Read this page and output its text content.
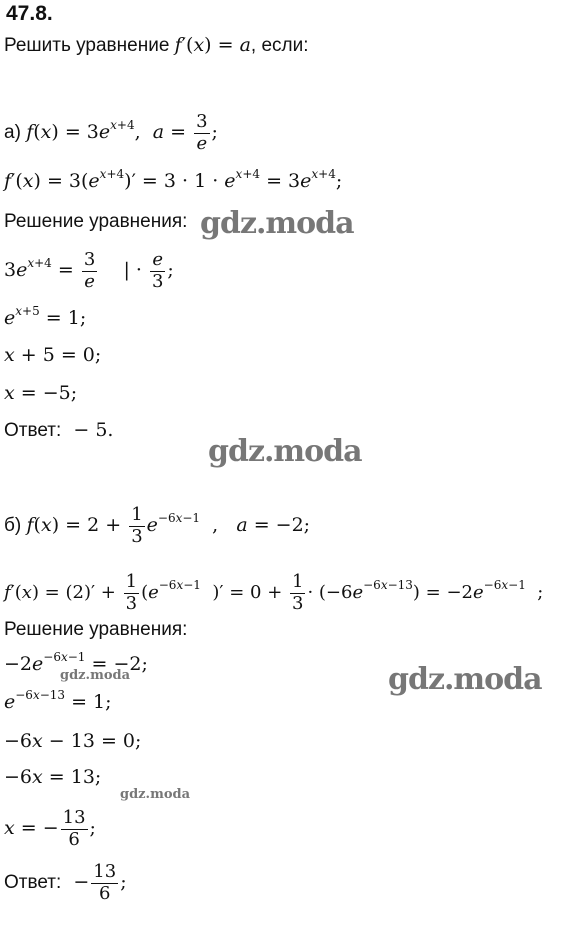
47.8.
Решить уравнение f′(x) = a, если:
а) $f(x) = 3e^{x+4}$,  $a = \frac{3}{e}$ ;
$f'(x) = 3(e^{x+4})' = 3 \cdot 1 \cdot e^{x+4} = 3e^{x+4}$;
Решение уравнения:
$3e^{x+4} = \frac{3}{e}$ | · $\frac{e}{3}$ ;
$e^{x+5} = 1$;
x + 5 = 0;
x = −5;
Ответ: − 5.
б) $f(x) = 2 + \frac{1}{3} e^{-6x-1}$  ,   a = −2;
$f'(x) = (2)' + \frac{1}{3} (e^{-6x-1}$  )′ = $0 + \frac{1}{3} \cdot (-6e^{-6x-13}) = -2e^{-6x-1}$  ;
Решение уравнения:
$-2e^{-6x-1} = -2$;
$e^{-6x-13} = 1$;
−6x − 13 = 0;
−6x = 13;
x = − $\frac{13}{6}$ ;
Ответ:  − $\frac{13}{6}$ ;
gdz.moda
gdz.moda
gdz.moda
gdz.moda
gdz.moda
